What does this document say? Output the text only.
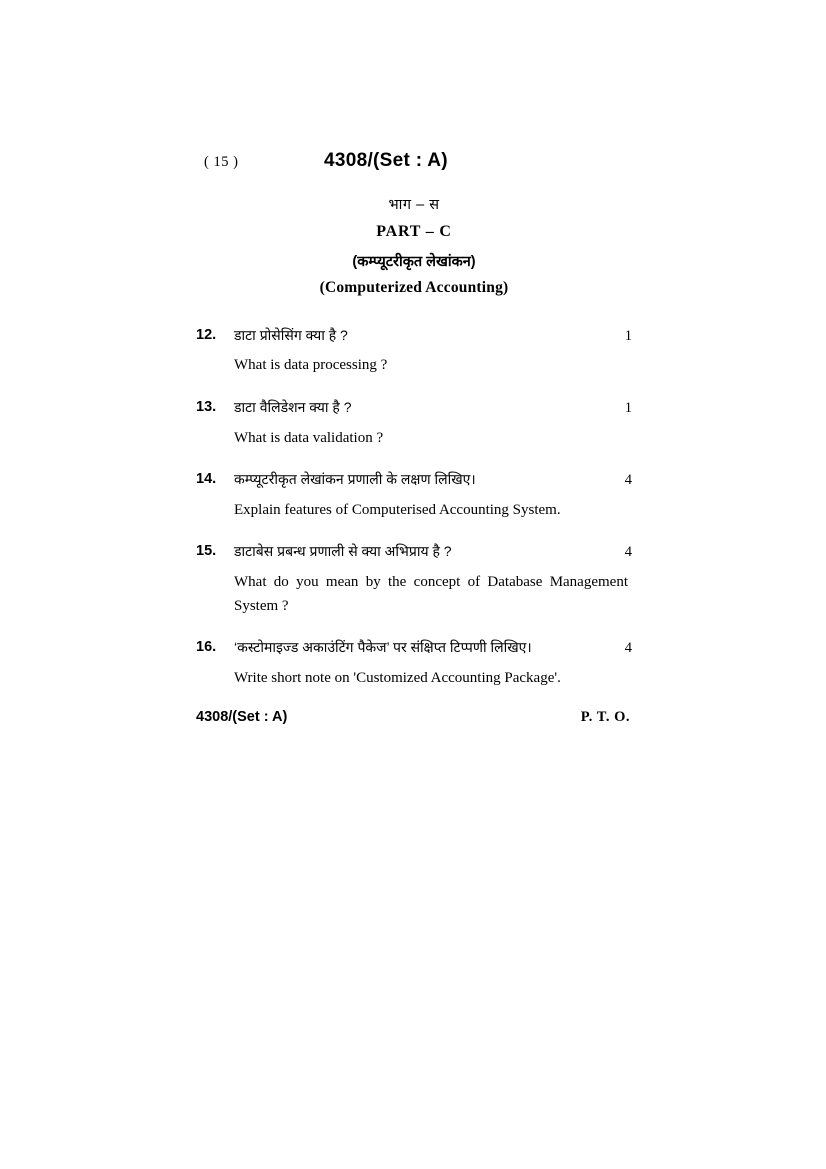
( 15 )	4308/(Set : A)
भाग – स
PART – C
(कम्प्यूटरीकृत लेखांकन)
(Computerized Accounting)
12.	डाटा प्रोसेसिंग क्या है ?	1
What is data processing ?
13.	डाटा वैलिडेशन क्या है ?	1
What is data validation ?
14.	कम्प्यूटरीकृत लेखांकन प्रणाली के लक्षण लिखिए।	4
Explain features of Computerised Accounting System.
15.	डाटाबेस प्रबन्ध प्रणाली से क्या अभिप्राय है ?	4
What do you mean by the concept of Database Management System ?
16.	‘कस्टोमाइज्ड अकाउंटिंग पैकेज’ पर संक्षिप्त टिप्पणी लिखिए।	4
Write short note on 'Customized Accounting Package'.
4308/(Set : A)	P. T. O.
